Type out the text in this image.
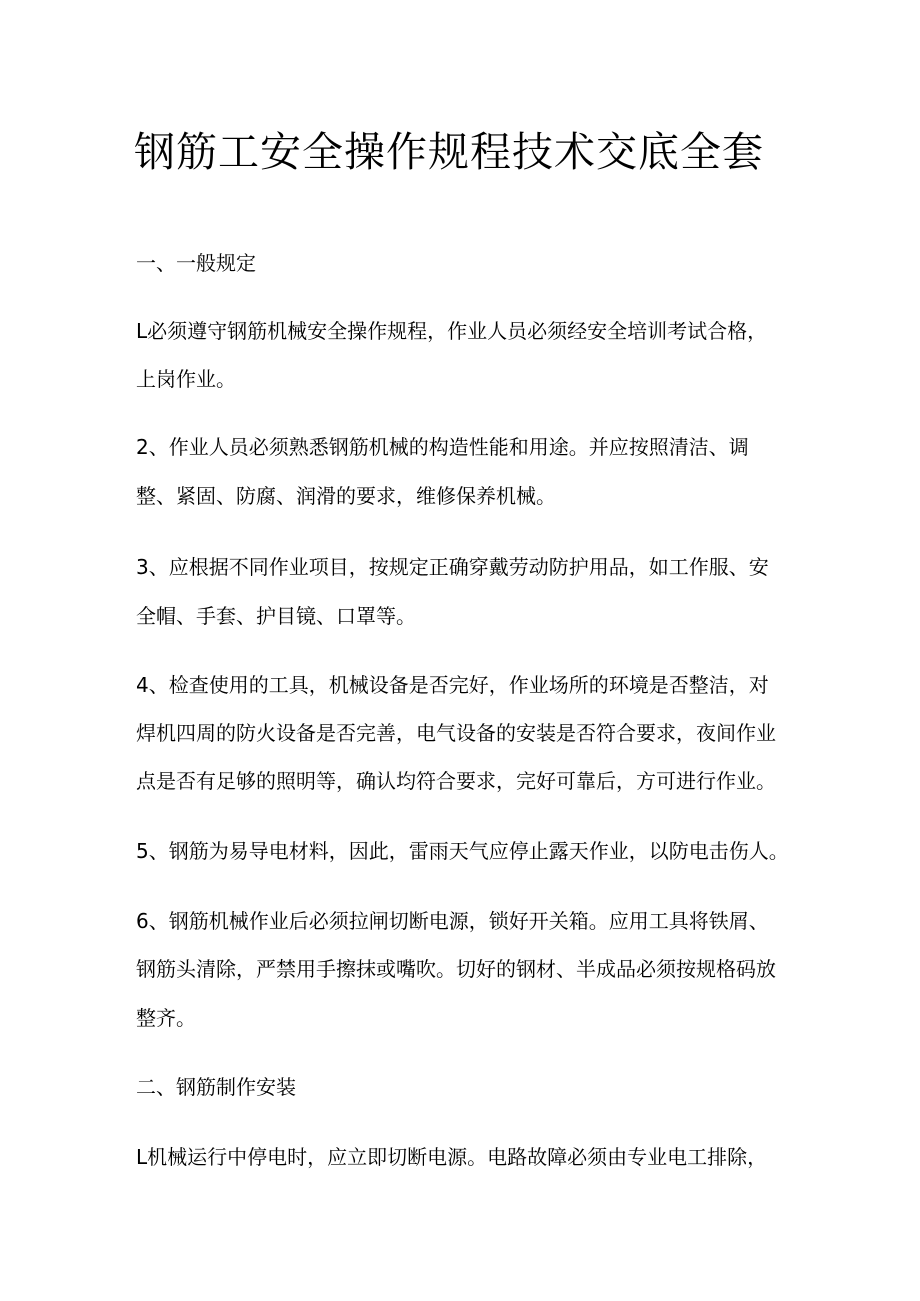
钢筋工安全操作规程技术交底全套
一、一般规定
L必须遵守钢筋机械安全操作规程，作业人员必须经安全培训考试合格，
上岗作业。
2、作业人员必须熟悉钢筋机械的构造性能和用途。并应按照清洁、调
整、紧固、防腐、润滑的要求，维修保养机械。
3、应根据不同作业项目，按规定正确穿戴劳动防护用品，如工作服、安
全帽、手套、护目镜、口罩等。
4、检查使用的工具，机械设备是否完好，作业场所的环境是否整洁，对
焊机四周的防火设备是否完善，电气设备的安装是否符合要求，夜间作业
点是否有足够的照明等，确认均符合要求，完好可靠后，方可进行作业。
5、钢筋为易导电材料，因此，雷雨天气应停止露天作业，以防电击伤人。
6、钢筋机械作业后必须拉闸切断电源，锁好开关箱。应用工具将铁屑、
钢筋头清除，严禁用手擦抹或嘴吹。切好的钢材、半成品必须按规格码放
整齐。
二、钢筋制作安装
L机械运行中停电时，应立即切断电源。电路故障必须由专业电工排除，
